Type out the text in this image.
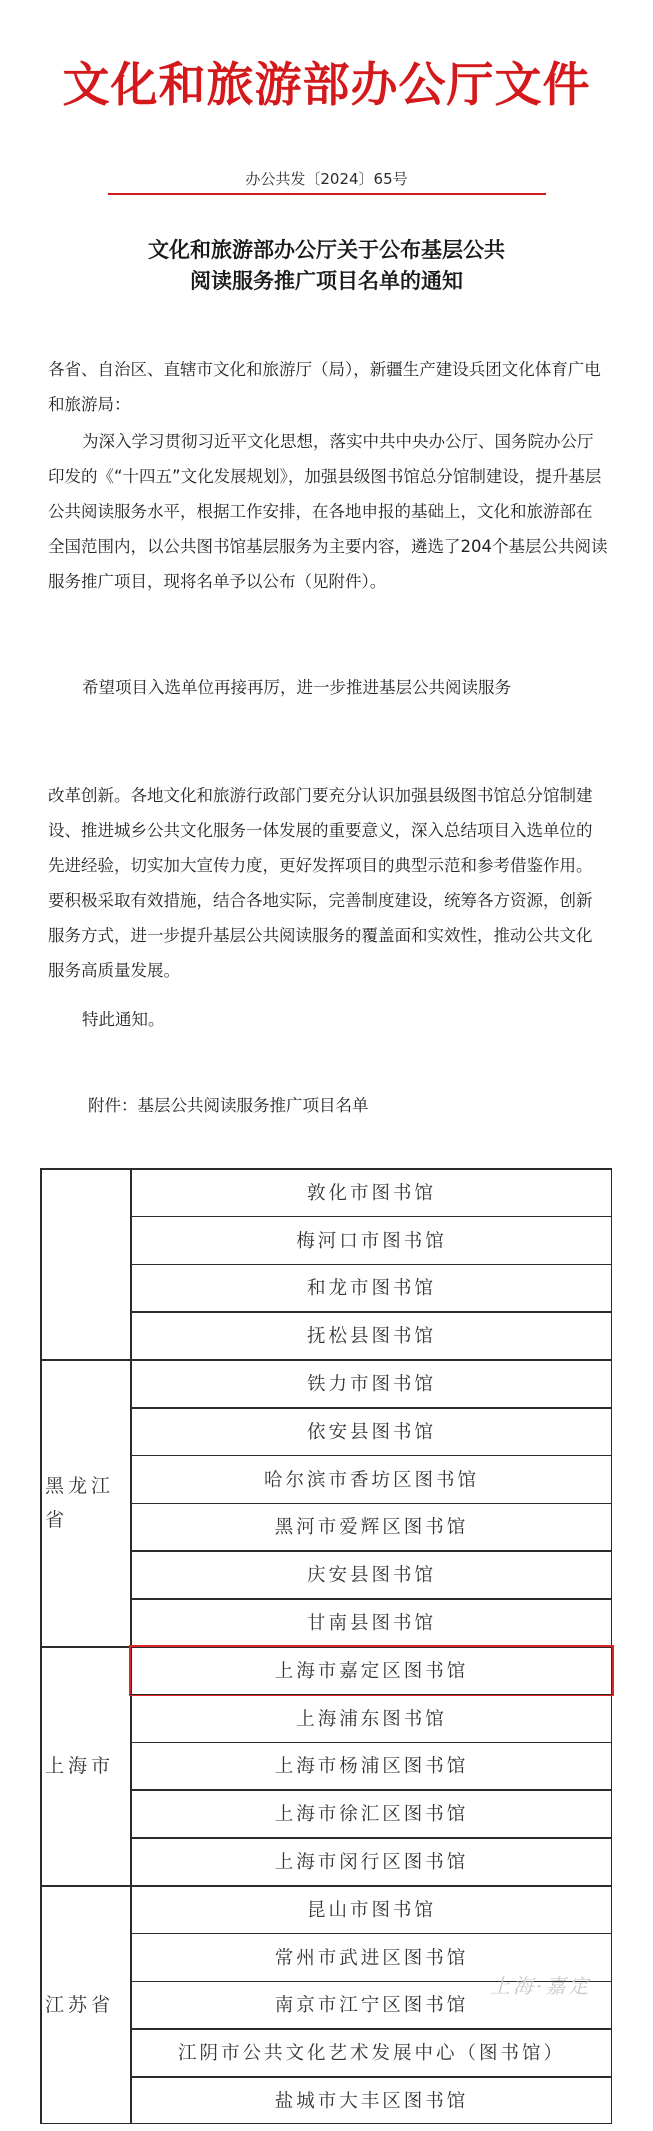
文化和旅游部办公厅文件
办公共发〔2024〕65号
文化和旅游部办公厅关于公布基层公共
阅读服务推广项目名单的通知

各省、自治区、直辖市文化和旅游厅（局），新疆生产建设兵团文化体育广电和旅游局：

为深入学习贯彻习近平文化思想，落实中共中央办公厅、国务院办公厅印发的《“十四五”文化发展规划》，加强县级图书馆总分馆制建设，提升基层公共阅读服务水平，根据工作安排，在各地申报的基础上，文化和旅游部在全国范围内，以公共图书馆基层服务为主要内容，遴选了204个基层公共阅读服务推广项目，现将名单予以公布（见附件）。

希望项目入选单位再接再厉，进一步推进基层公共阅读服务

改革创新。各地文化和旅游行政部门要充分认识加强县级图书馆总分馆制建设、推进城乡公共文化服务一体发展的重要意义，深入总结项目入选单位的先进经验，切实加大宣传力度，更好发挥项目的典型示范和参考借鉴作用。要积极采取有效措施，结合各地实际，完善制度建设，统筹各方资源，创新服务方式，进一步提升基层公共阅读服务的覆盖面和实效性，推动公共文化服务高质量发展。

特此通知。

附件：基层公共阅读服务推广项目名单
敦化市图书馆
梅河口市图书馆
和龙市图书馆
抚松县图书馆
黑龙江省
铁力市图书馆
依安县图书馆
哈尔滨市香坊区图书馆
黑河市爱辉区图书馆
庆安县图书馆
甘南县图书馆
上海市
上海市嘉定区图书馆
上海浦东图书馆
上海市杨浦区图书馆
上海市徐汇区图书馆
上海市闵行区图书馆
江苏省
昆山市图书馆
常州市武进区图书馆
南京市江宁区图书馆
江阴市公共文化艺术发展中心（图书馆）
盐城市大丰区图书馆
上海·嘉定
